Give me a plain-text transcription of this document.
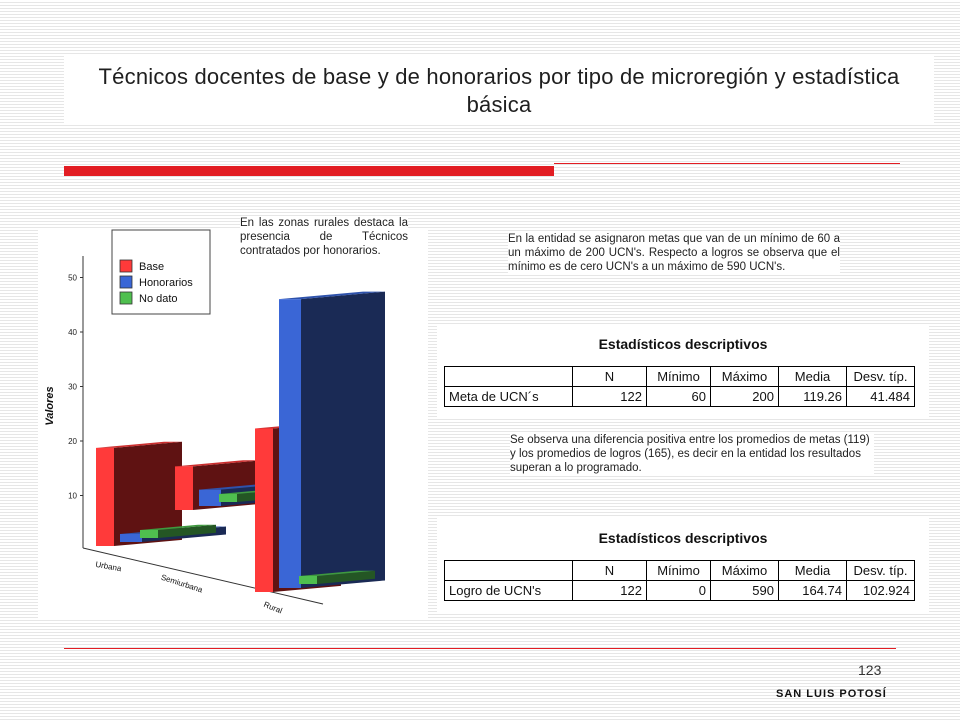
Técnicos docentes de base y de honorarios por tipo de microregión y estadística básica
10
20
30
40
50
Valores
Urbana
Semiurbana
Rural
Base
Honorarios
No dato
En las zonas rurales destaca la presencia de Técnicos contratados por honorarios.
En la entidad se asignaron metas que van de un mínimo de 60 a un máximo de 200 UCN's. Respecto a logros se observa que el mínimo es de cero UCN's a un máximo de 590 UCN's.
Estadísticos descriptivos
	N	Mínimo	Máximo	Media	Desv. típ.
Meta de UCN´s	122	60	200	119.26	41.484
Se observa una diferencia positiva entre los promedios de metas (119) y los promedios de logros (165), es decir en la entidad los resultados superan a lo programado.
Estadísticos descriptivos
	N	Mínimo	Máximo	Media	Desv. típ.
Logro de UCN's	122	0	590	164.74	102.924
123
SAN LUIS POTOSÍ
